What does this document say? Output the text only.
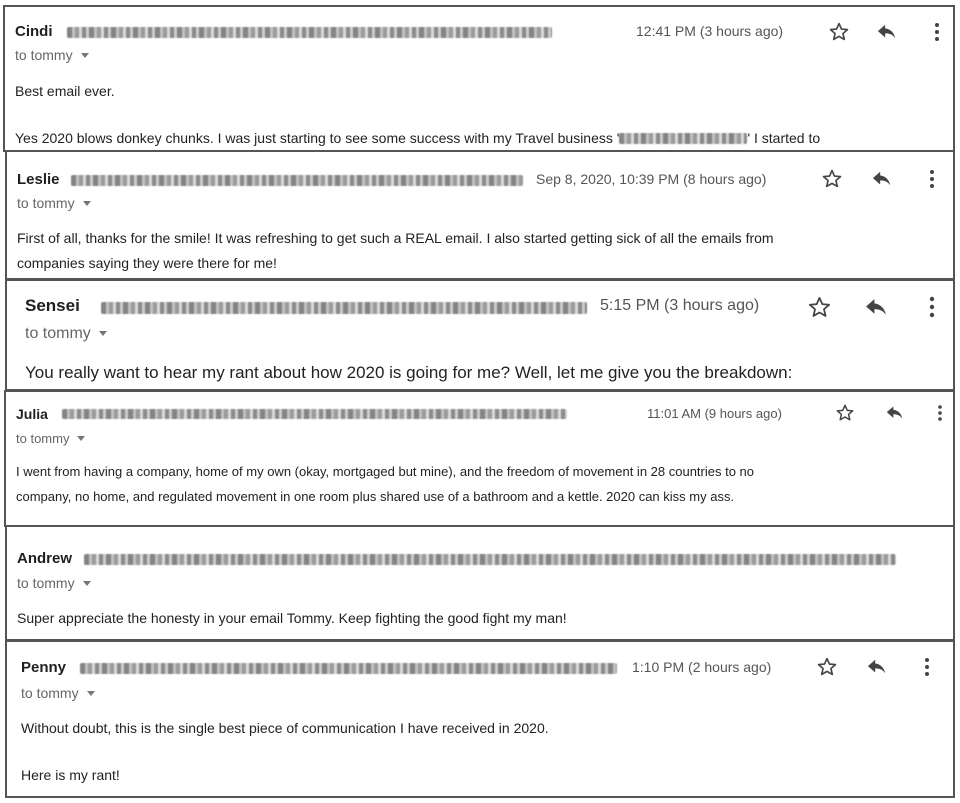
Cindi	12:41 PM (3 hours ago)
to tommy
Best email ever.
Yes 2020 blows donkey chunks. I was just starting to see some success with my Travel business '	' I started to
Leslie	Sep 8, 2020, 10:39 PM (8 hours ago)
to tommy
First of all, thanks for the smile! It was refreshing to get such a REAL email. I also started getting sick of all the emails from
companies saying they were there for me!
Sensei	5:15 PM (3 hours ago)
to tommy
You really want to hear my rant about how 2020 is going for me? Well, let me give you the breakdown:
Julia	11:01 AM (9 hours ago)
to tommy
I went from having a company, home of my own (okay, mortgaged but mine), and the freedom of movement in 28 countries to no
company, no home, and regulated movement in one room plus shared use of a bathroom and a kettle. 2020 can kiss my ass.
Andrew
to tommy
Super appreciate the honesty in your email Tommy. Keep fighting the good fight my man!
Penny	1:10 PM (2 hours ago)
to tommy
Without doubt, this is the single best piece of communication I have received in 2020.
Here is my rant!
